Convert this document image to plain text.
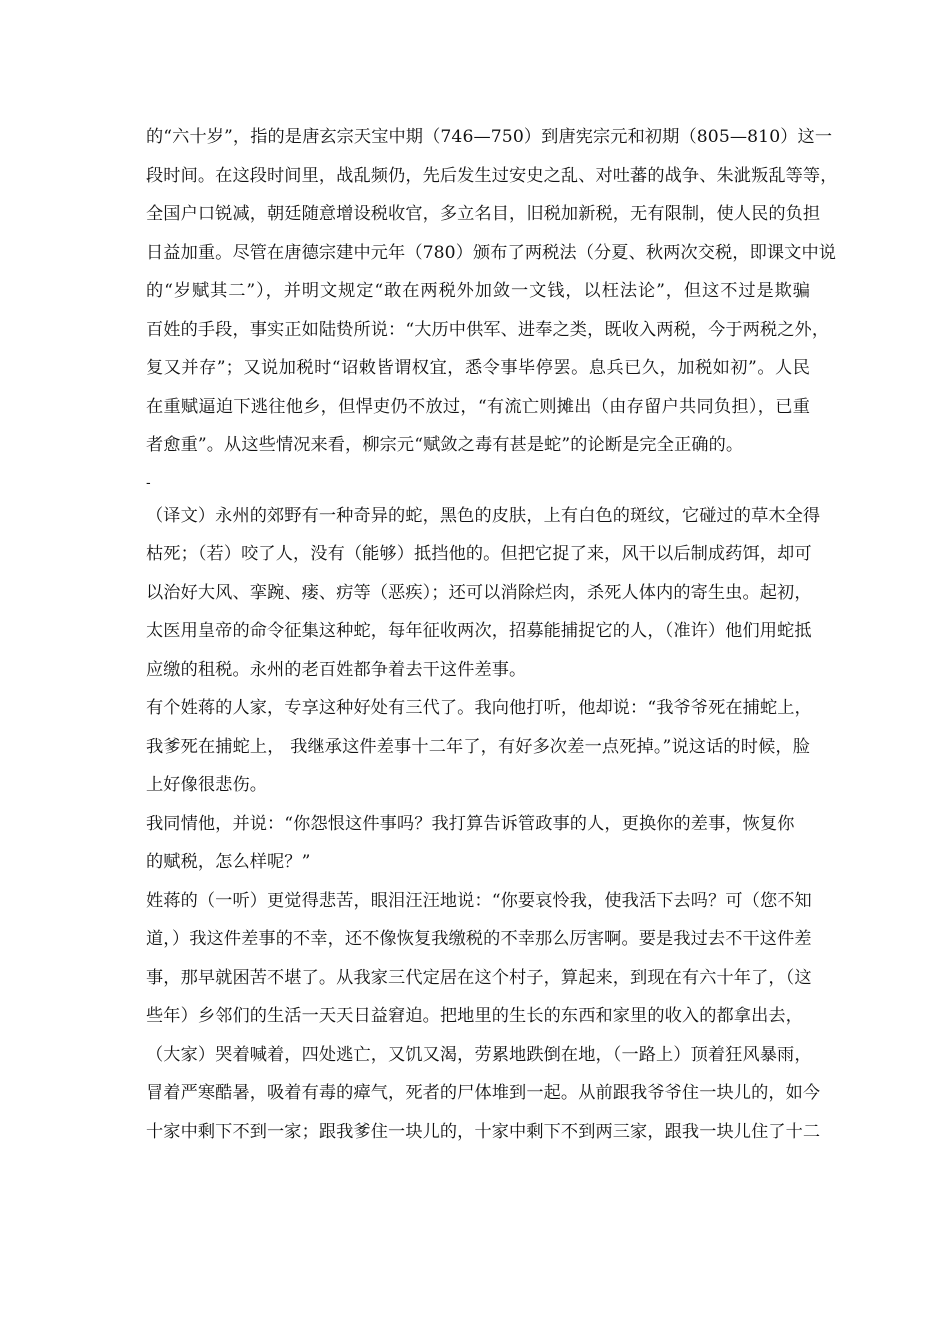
的“六十岁”，指的是唐玄宗天宝中期（746—750）到唐宪宗元和初期（805—810）这一
段时间。在这段时间里，战乱频仍，先后发生过安史之乱、对吐蕃的战争、朱泚叛乱等等，
全国户口锐减，朝廷随意增设税收官，多立名目，旧税加新税，无有限制，使人民的负担
日益加重。尽管在唐德宗建中元年（780）颁布了两税法（分夏、秋两次交税，即课文中说
的“岁赋其二”），并明文规定“敢在两税外加敛一文钱，以枉法论”，但这不过是欺骗
百姓的手段，事实正如陆贽所说：“大历中供军、进奉之类，既收入两税，今于两税之外，
复又并存”；又说加税时“诏敕皆谓权宜，悉令事毕停罢。息兵已久，加税如初”。人民
在重赋逼迫下逃往他乡，但悍吏仍不放过，“有流亡则摊出（由存留户共同负担），已重
者愈重”。从这些情况来看，柳宗元“赋敛之毒有甚是蛇”的论断是完全正确的。
-
（译文）永州的郊野有一种奇异的蛇，黑色的皮肤，上有白色的斑纹，它碰过的草木全得
枯死；（若）咬了人，没有（能够）抵挡他的。但把它捉了来，风干以后制成药饵，却可
以治好大风、挛踠、瘘、疠等（恶疾）；还可以消除烂肉，杀死人体内的寄生虫。起初，
太医用皇帝的命令征集这种蛇，每年征收两次，招募能捕捉它的人，（准许）他们用蛇抵
应缴的租税。永州的老百姓都争着去干这件差事。
有个姓蒋的人家，专享这种好处有三代了。我向他打听，他却说：“我爷爷死在捕蛇上，
我爹死在捕蛇上， 我继承这件差事十二年了，有好多次差一点死掉。”说这话的时候，脸
上好像很悲伤。
我同情他，并说：“你怨恨这件事吗？我打算告诉管政事的人，更换你的差事，恢复你
的赋税，怎么样呢？”
姓蒋的（一听）更觉得悲苦，眼泪汪汪地说：“你要哀怜我，使我活下去吗？可（您不知
道，）我这件差事的不幸，还不像恢复我缴税的不幸那么厉害啊。要是我过去不干这件差
事，那早就困苦不堪了。从我家三代定居在这个村子，算起来，到现在有六十年了，（这
些年）乡邻们的生活一天天日益窘迫。把地里的生长的东西和家里的收入的都拿出去，
（大家）哭着喊着，四处逃亡，又饥又渴，劳累地跌倒在地，（一路上）顶着狂风暴雨，
冒着严寒酷暑，吸着有毒的瘴气，死者的尸体堆到一起。从前跟我爷爷住一块儿的，如今
十家中剩下不到一家；跟我爹住一块儿的，十家中剩下不到两三家，跟我一块儿住了十二
